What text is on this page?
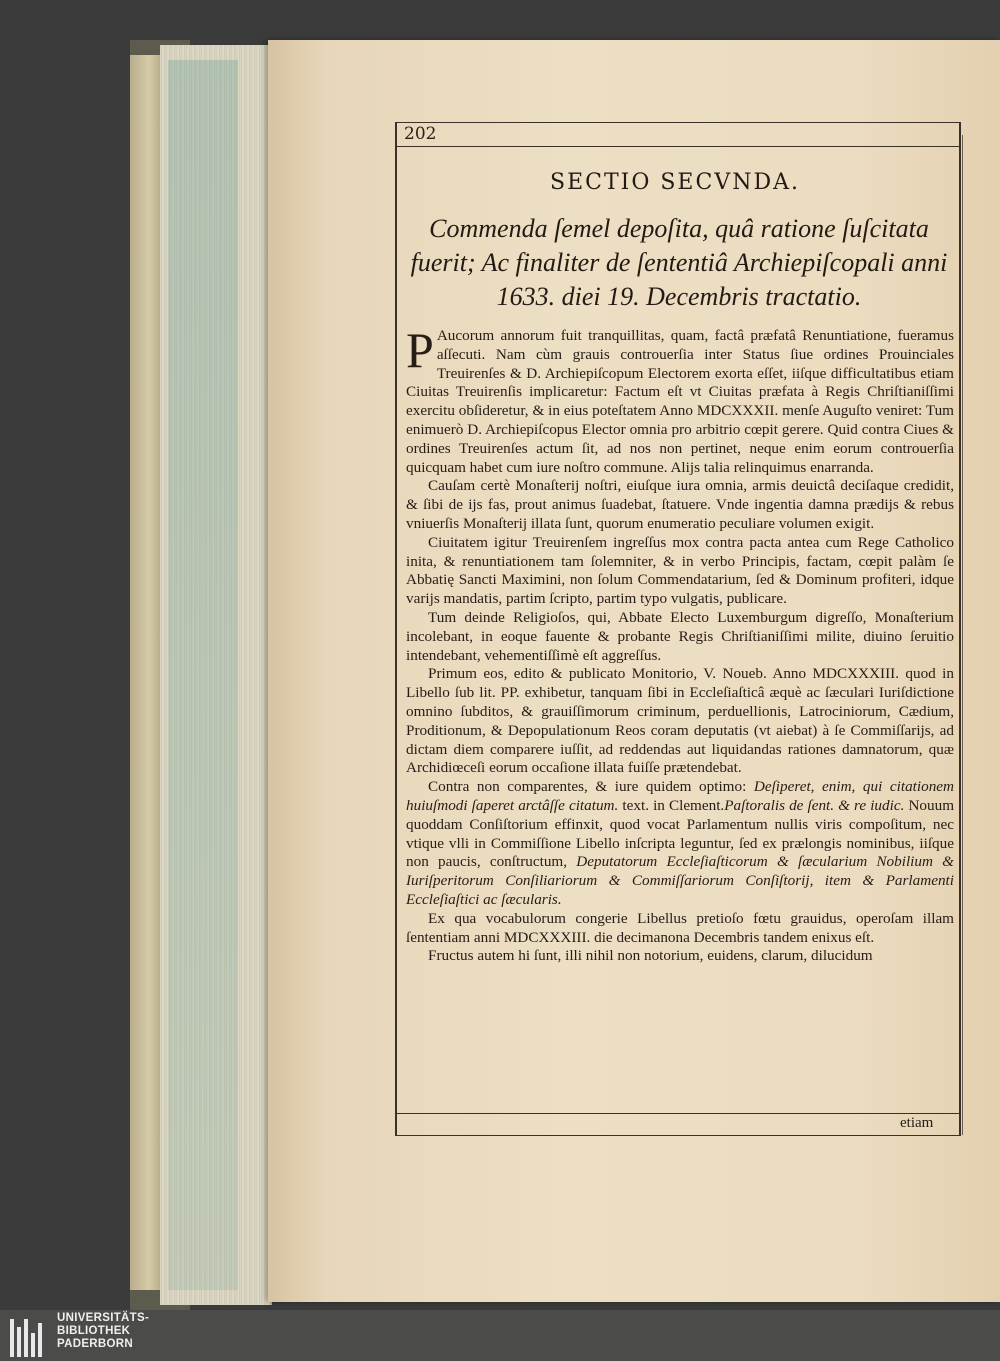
202
SECTIO SECVNDA.
Commenda ſemel depoſita, quâ ratione ſuſcitata fuerit; Ac finaliter de ſententiâ Archiepiſcopali anni 1633. diei 19. Decembris tractatio.

P Aucorum annorum fuit tranquillitas, quam, factâ præfatâ Renuntiatione, fueramus aſſecuti. Nam cùm grauis controuerſia inter Status ſiue ordines Prouinciales Treuirenſes & D. Archiepiſcopum Electorem exorta eſſet, iiſque difficultatibus etiam Ciuitas Treuirenſis implicaretur: Factum eſt vt Ciuitas præfata à Regis Chriſtianiſſimi exercitu obſideretur, & in eius poteſtatem Anno MDCXXXII. menſe Auguſto veniret: Tum enimuerò D. Archiepiſcopus Elector omnia pro arbitrio cœpit gerere. Quid contra Ciues & ordines Treuirenſes actum ſit, ad nos non pertinet, neque enim eorum controuerſia quicquam habet cum iure noſtro commune. Alijs talia relinquimus enarranda.

Cauſam certè Monaſterij noſtri, eiuſque iura omnia, armis deuictâ deciſaque credidit, & ſibi de ijs fas, prout animus ſuadebat, ſtatuere. Vnde ingentia damna prædijs & rebus vniuerſis Monaſterij illata ſunt, quorum enumeratio peculiare volumen exigit.

Ciuitatem igitur Treuirenſem ingreſſus mox contra pacta antea cum Rege Catholico inita, & renuntiationem tam ſolemniter, & in verbo Principis, factam, cœpit palàm ſe Abbatię Sancti Maximini, non ſolum Commendatarium, ſed & Dominum profiteri, idque varijs mandatis, partim ſcripto, partim typo vulgatis, publicare.

Tum deinde Religioſos, qui, Abbate Electo Luxemburgum digreſſo, Monaſterium incolebant, in eoque fauente & probante Regis Chriſtianiſſimi milite, diuino ſeruitio intendebant, vehementiſſimè eſt aggreſſus.

Primum eos, edito & publicato Monitorio, V. Noueb. Anno MDCXXXIII. quod in Libello ſub lit. PP. exhibetur, tanquam ſibi in Eccleſiaſticâ æquè ac ſæculari Iuriſdictione omnino ſubditos, & grauiſſimorum criminum, perduellionis, Latrociniorum, Cædium, Proditionum, & Depopulationum Reos coram deputatis (vt aiebat) à ſe Commiſſarijs, ad dictam diem comparere iuſſit, ad reddendas aut liquidandas rationes damnatorum, quæ Archidiœceſi eorum occaſione illata fuiſſe prætendebat.

Contra non comparentes, & iure quidem optimo: Deſiperet, enim, qui citationem huiuſmodi ſaperet arctâſſe citatum. text. in Clement.Paſtoralis de ſent. & re iudic. Nouum quoddam Conſiſtorium effinxit, quod vocat Parlamentum nullis viris compoſitum, nec vtique vlli in Commiſſione Libello inſcripta leguntur, ſed ex prælongis nominibus, iiſque non paucis, conſtructum, Deputatorum Eccleſiaſticorum & ſæcularium Nobilium & Iuriſperitorum Conſiliariorum & Commiſſariorum Conſiſtorij, item & Parlamenti Eccleſiaſtici ac ſæcularis.

Ex qua vocabulorum congerie Libellus pretioſo fœtu grauidus, operoſam illam ſententiam anni MDCXXXIII. die decimanona Decembris tandem enixus eſt.

Fructus autem hi ſunt, illi nihil non notorium, euidens, clarum, dilucidum

etiam
UNIVERSITÄTS-
BIBLIOTHEK
PADERBORN
